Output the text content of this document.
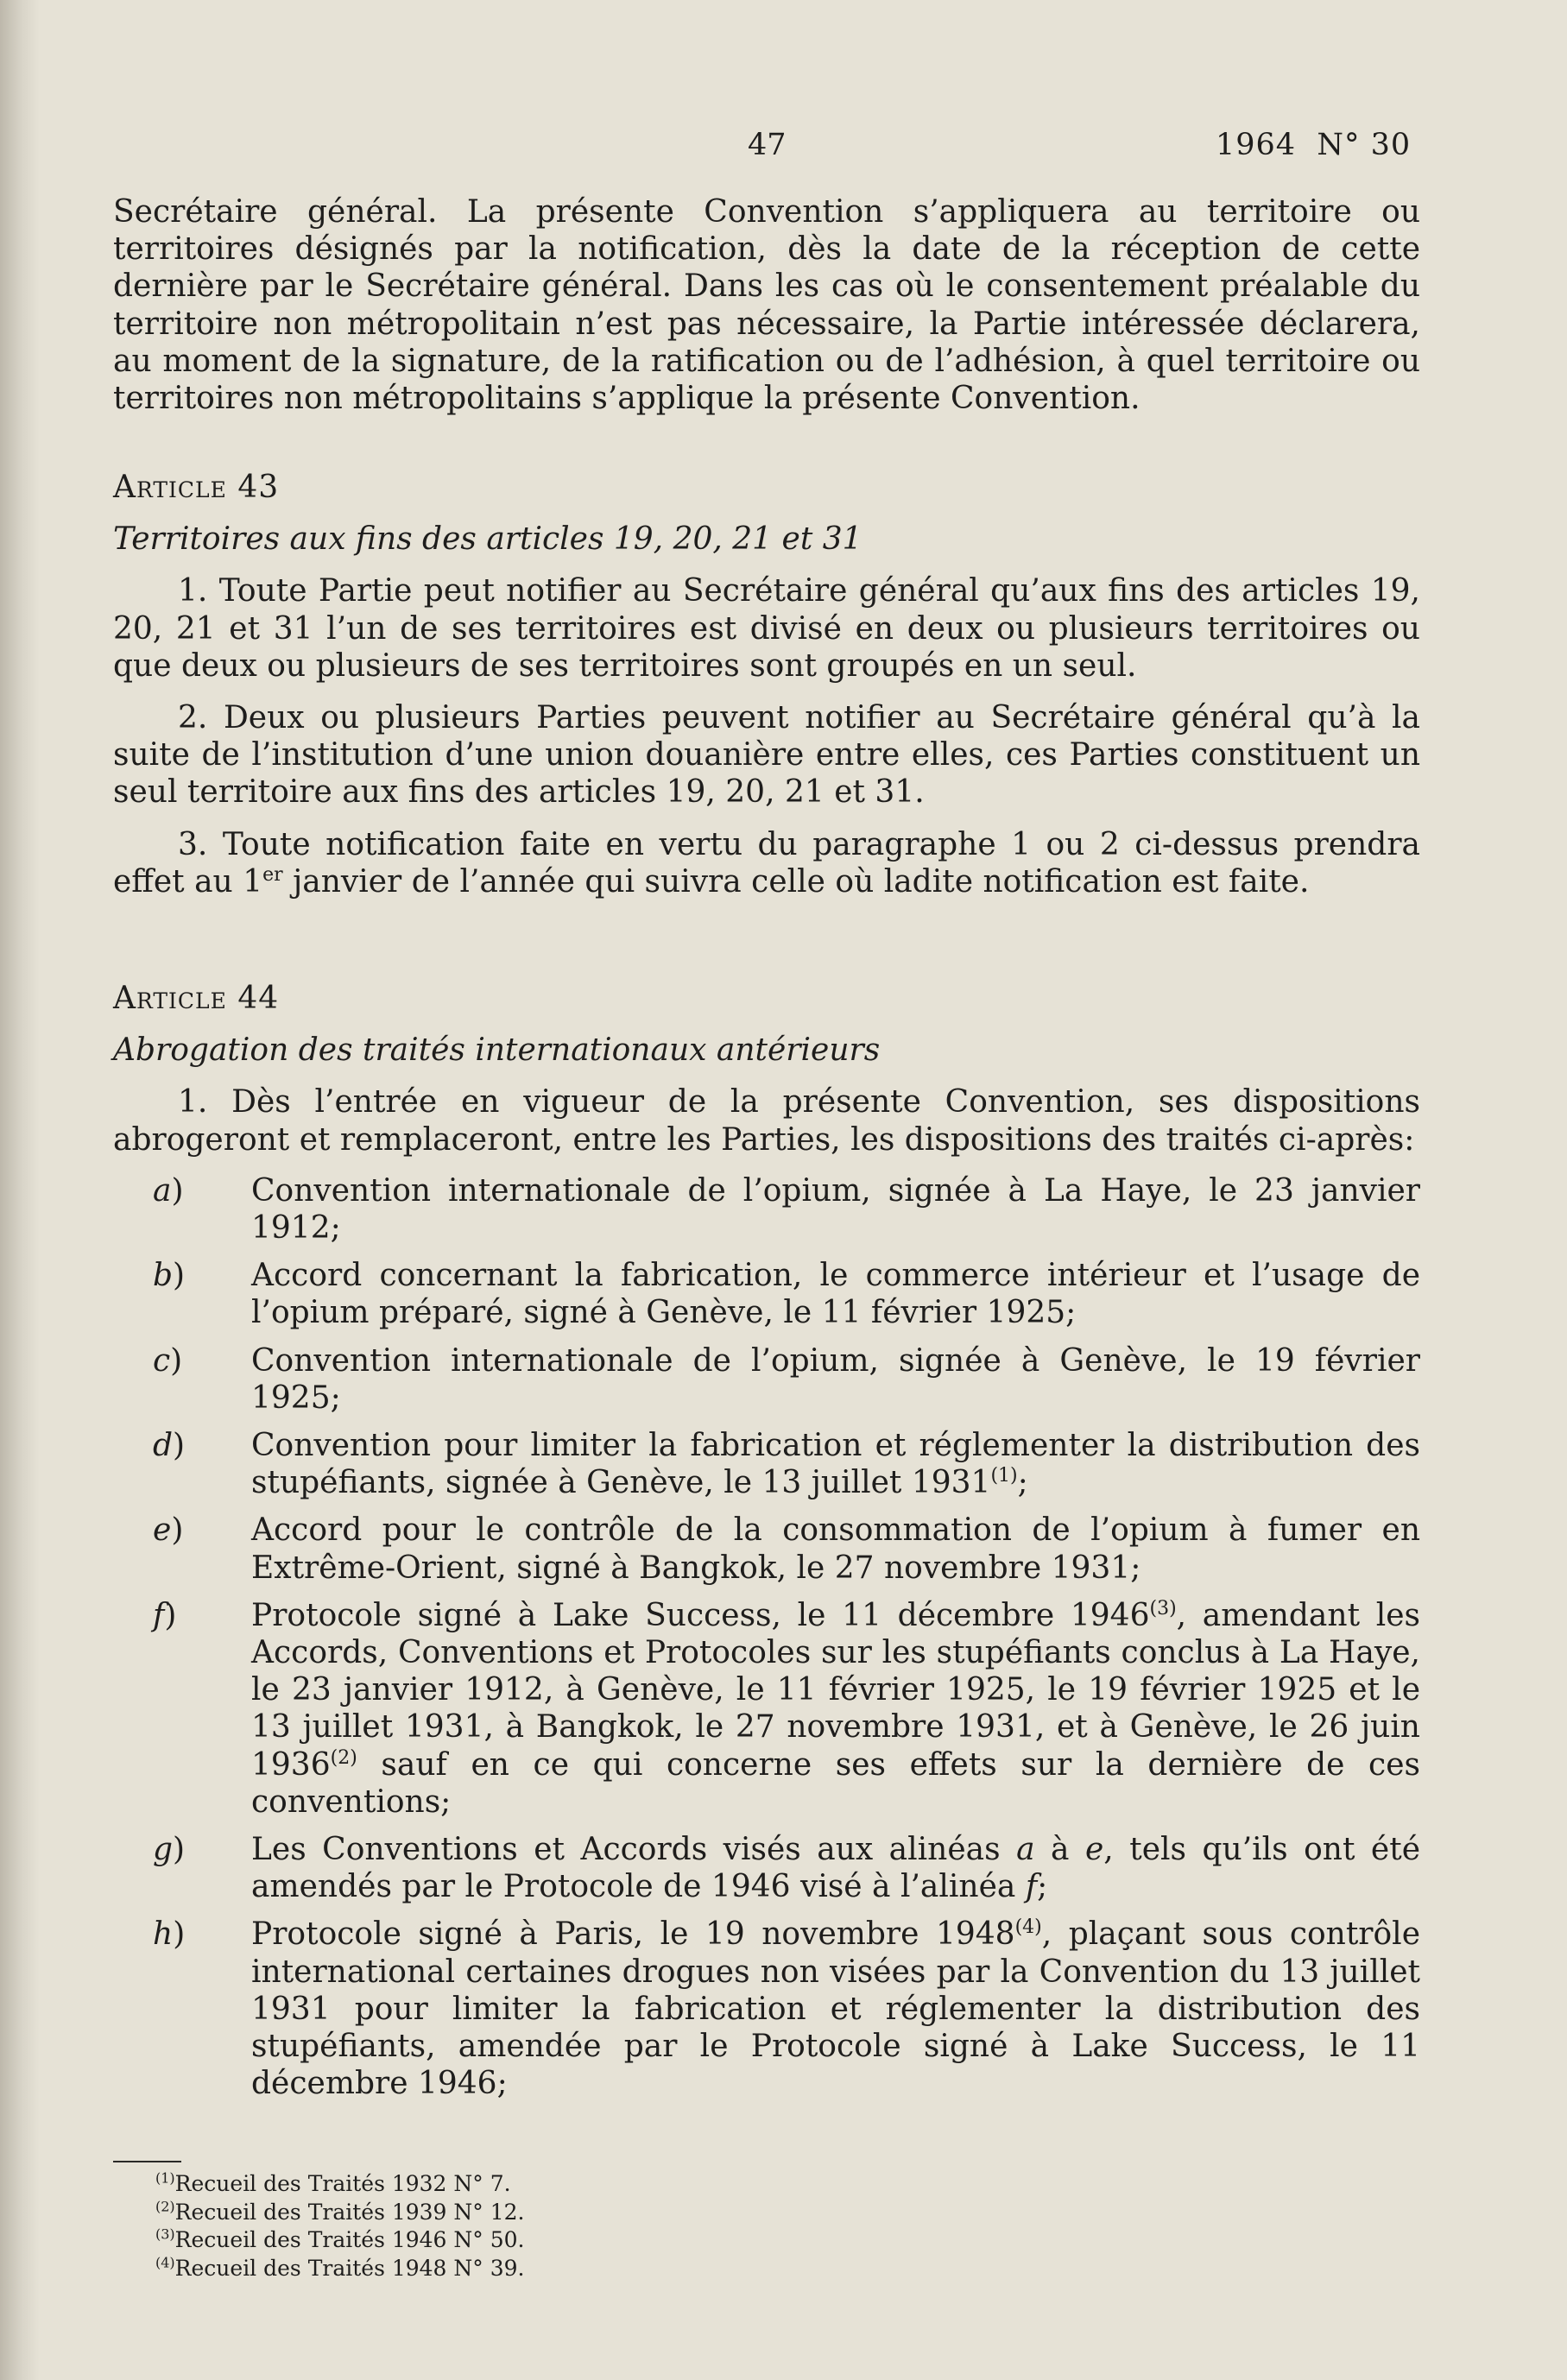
47	1964  N° 30

Secrétaire général. La présente Convention s’appliquera au territoire ou territoires désignés par la notification, dès la date de la réception de cette dernière par le Secrétaire général. Dans les cas où le consentement préalable du territoire non métropolitain n’est pas nécessaire, la Partie intéressée déclarera, au moment de la signature, de la ratification ou de l’adhésion, à quel territoire ou territoires non métropolitains s’applique la présente Convention.

Article 43

Territoires aux fins des articles 19, 20, 21 et 31

1. Toute Partie peut notifier au Secrétaire général qu’aux fins des articles 19, 20, 21 et 31 l’un de ses territoires est divisé en deux ou plusieurs territoires ou que deux ou plusieurs de ses territoires sont groupés en un seul.

2. Deux ou plusieurs Parties peuvent notifier au Secrétaire général qu’à la suite de l’institution d’une union douanière entre elles, ces Parties constituent un seul territoire aux fins des articles 19, 20, 21 et 31.

3. Toute notification faite en vertu du paragraphe 1 ou 2 ci-dessus prendra effet au 1er janvier de l’année qui suivra celle où ladite notification est faite.

Article 44

Abrogation des traités internationaux antérieurs

1. Dès l’entrée en vigueur de la présente Convention, ses dispositions abrogeront et remplaceront, entre les Parties, les dispositions des traités ci-après:

a) Convention internationale de l’opium, signée à La Haye, le 23 janvier 1912;

b) Accord concernant la fabrication, le commerce intérieur et l’usage de l’opium préparé, signé à Genève, le 11 février 1925;

c) Convention internationale de l’opium, signée à Genève, le 19 février 1925;

d) Convention pour limiter la fabrication et réglementer la distribution des stupéfiants, signée à Genève, le 13 juillet 1931$^{(1)}$;

e) Accord pour le contrôle de la consommation de l’opium à fumer en Extrême-Orient, signé à Bangkok, le 27 novembre 1931;

f) Protocole signé à Lake Success, le 11 décembre 1946$^{(3)}$, amendant les Accords, Conventions et Protocoles sur les stupéfiants conclus à La Haye, le 23 janvier 1912, à Genève, le 11 février 1925, le 19 février 1925 et le 13 juillet 1931, à Bangkok, le 27 novembre 1931, et à Genève, le 26 juin 1936$^{(2)}$ sauf en ce qui concerne ses effets sur la dernière de ces conventions;

g) Les Conventions et Accords visés aux alinéas a à e, tels qu’ils ont été amendés par le Protocole de 1946 visé à l’alinéa f;

h) Protocole signé à Paris, le 19 novembre 1948$^{(4)}$, plaçant sous contrôle international certaines drogues non visées par la Convention du 13 juillet 1931 pour limiter la fabrication et réglementer la distribution des stupéfiants, amendée par le Protocole signé à Lake Success, le 11 décembre 1946;

$^{(1)}$Recueil des Traités 1932 N° 7.
$^{(2)}$Recueil des Traités 1939 N° 12.
$^{(3)}$Recueil des Traités 1946 N° 50.
$^{(4)}$Recueil des Traités 1948 N° 39.
